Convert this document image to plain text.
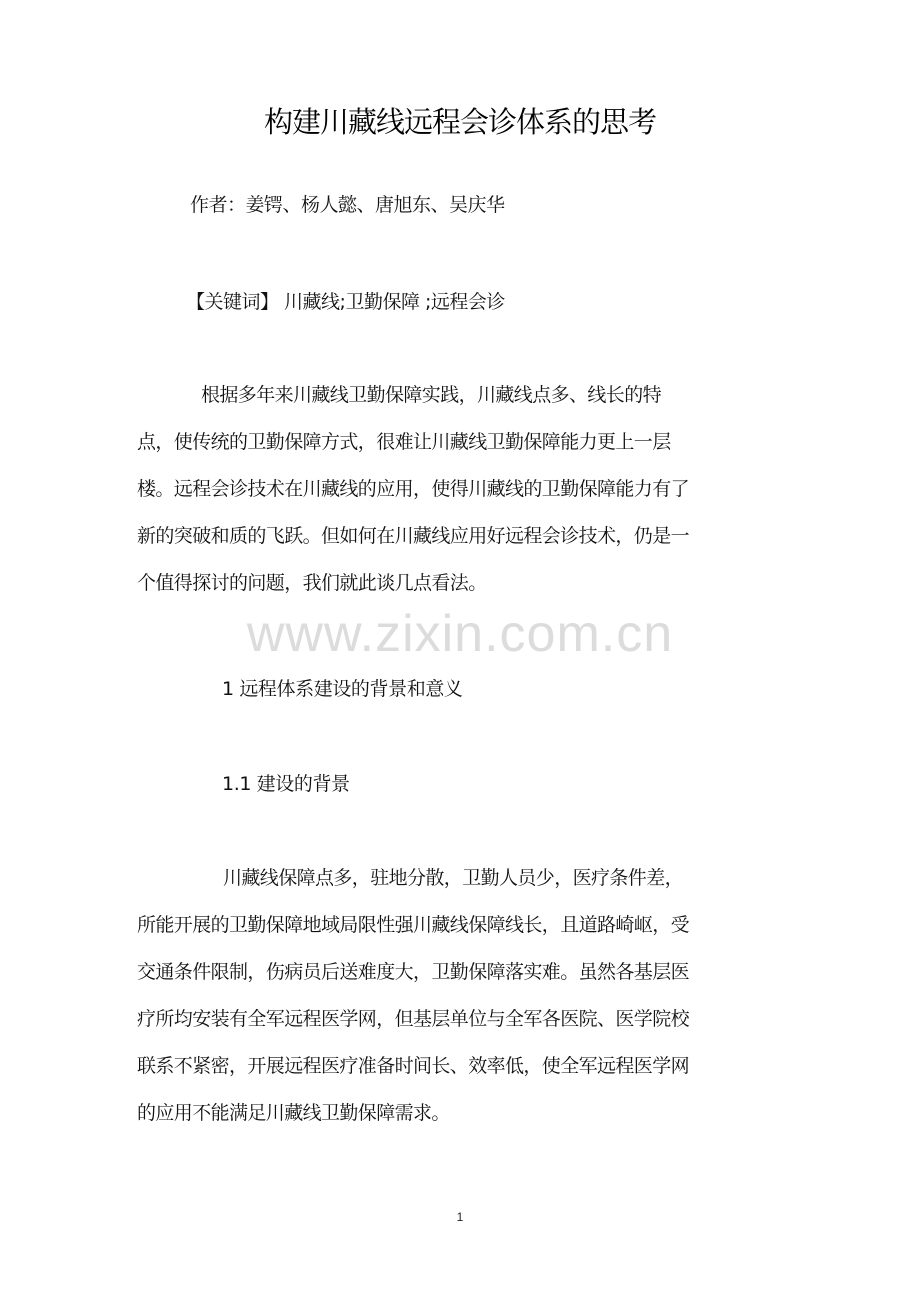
构建川藏线远程会诊体系的思考
作者：姜锷、杨人懿、唐旭东、吴庆华
【关键词】 川藏线;卫勤保障 ;远程会诊

根据多年来川藏线卫勤保障实践，川藏线点多、线长的特点，使传统的卫勤保障方式，很难让川藏线卫勤保障能力更上一层楼。远程会诊技术在川藏线的应用，使得川藏线的卫勤保障能力有了新的突破和质的飞跃。但如何在川藏线应用好远程会诊技术，仍是一个值得探讨的问题，我们就此谈几点看法。

www.zixin.com.cn
1 远程体系建设的背景和意义
1.1 建设的背景

川藏线保障点多，驻地分散，卫勤人员少，医疗条件差，所能开展的卫勤保障地域局限性强川藏线保障线长，且道路崎岖，受交通条件限制，伤病员后送难度大，卫勤保障落实难。虽然各基层医疗所均安装有全军远程医学网，但基层单位与全军各医院、医学院校联系不紧密，开展远程医疗准备时间长、效率低，使全军远程医学网的应用不能满足川藏线卫勤保障需求。

1
